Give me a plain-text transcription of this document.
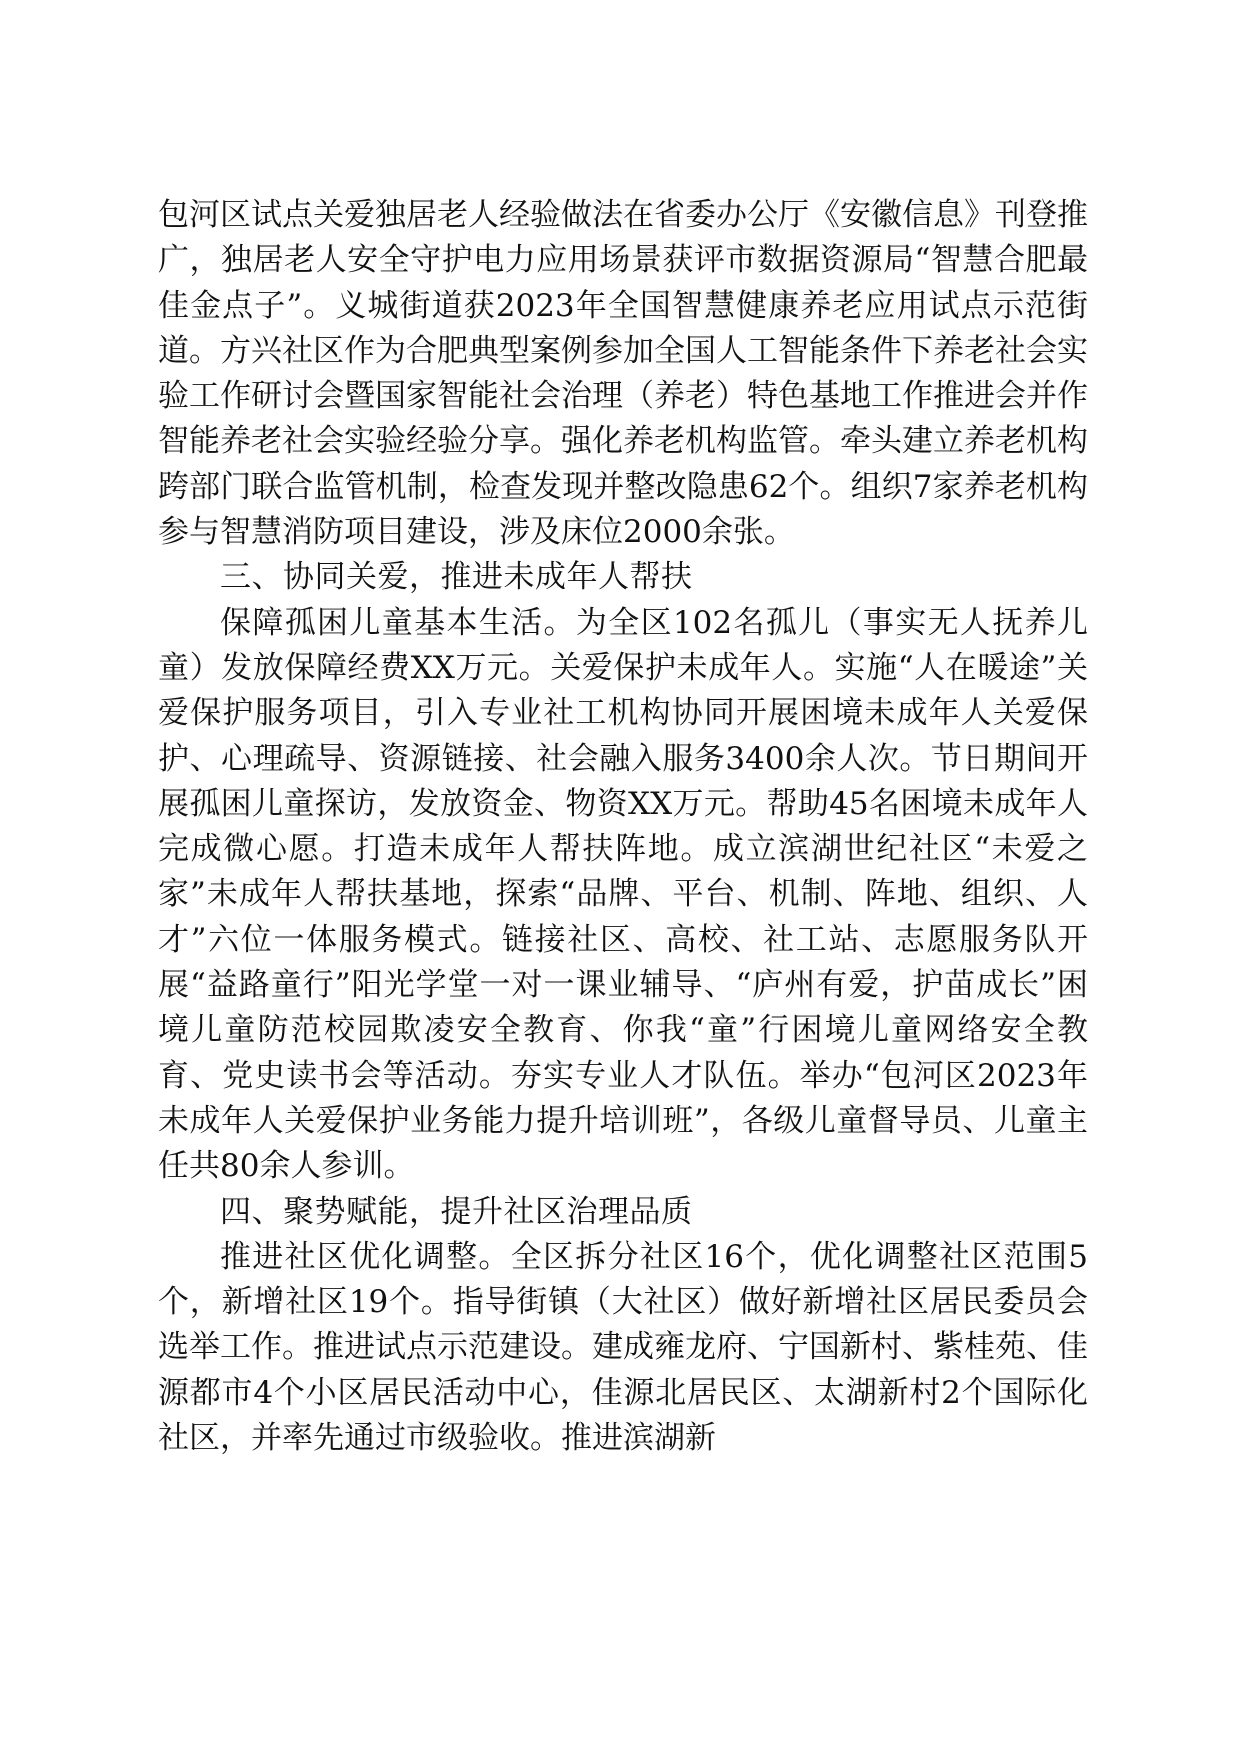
包河区试点关爱独居老人经验做法在省委办公厅《安徽信息》刊登推广，独居老人安全守护电力应用场景获评市数据资源局“智慧合肥最佳金点子”。义城街道获2023年全国智慧健康养老应用试点示范街道。方兴社区作为合肥典型案例参加全国人工智能条件下养老社会实验工作研讨会暨国家智能社会治理（养老）特色基地工作推进会并作智能养老社会实验经验分享。强化养老机构监管。牵头建立养老机构跨部门联合监管机制，检查发现并整改隐患62个。组织7家养老机构参与智慧消防项目建设，涉及床位2000余张。

三、协同关爱，推进未成年人帮扶

保障孤困儿童基本生活。为全区102名孤儿（事实无人抚养儿童）发放保障经费XX万元。关爱保护未成年人。实施“人在暖途”关爱保护服务项目，引入专业社工机构协同开展困境未成年人关爱保护、心理疏导、资源链接、社会融入服务3400余人次。节日期间开展孤困儿童探访，发放资金、物资XX万元。帮助45名困境未成年人完成微心愿。打造未成年人帮扶阵地。成立滨湖世纪社区“未爱之家”未成年人帮扶基地，探索“品牌、平台、机制、阵地、组织、人才”六位一体服务模式。链接社区、高校、社工站、志愿服务队开展“益路童行”阳光学堂一对一课业辅导、“庐州有爱，护苗成长”困境儿童防范校园欺凌安全教育、你我“童”行困境儿童网络安全教育、党史读书会等活动。夯实专业人才队伍。举办“包河区2023年未成年人关爱保护业务能力提升培训班”，各级儿童督导员、儿童主任共80余人参训。

四、聚势赋能，提升社区治理品质

推进社区优化调整。全区拆分社区16个，优化调整社区范围5个，新增社区19个。指导街镇（大社区）做好新增社区居民委员会选举工作。推进试点示范建设。建成雍龙府、宁国新村、紫桂苑、佳源都市4个小区居民活动中心，佳源北居民区、太湖新村2个国际化社区，并率先通过市级验收。推进滨湖新
